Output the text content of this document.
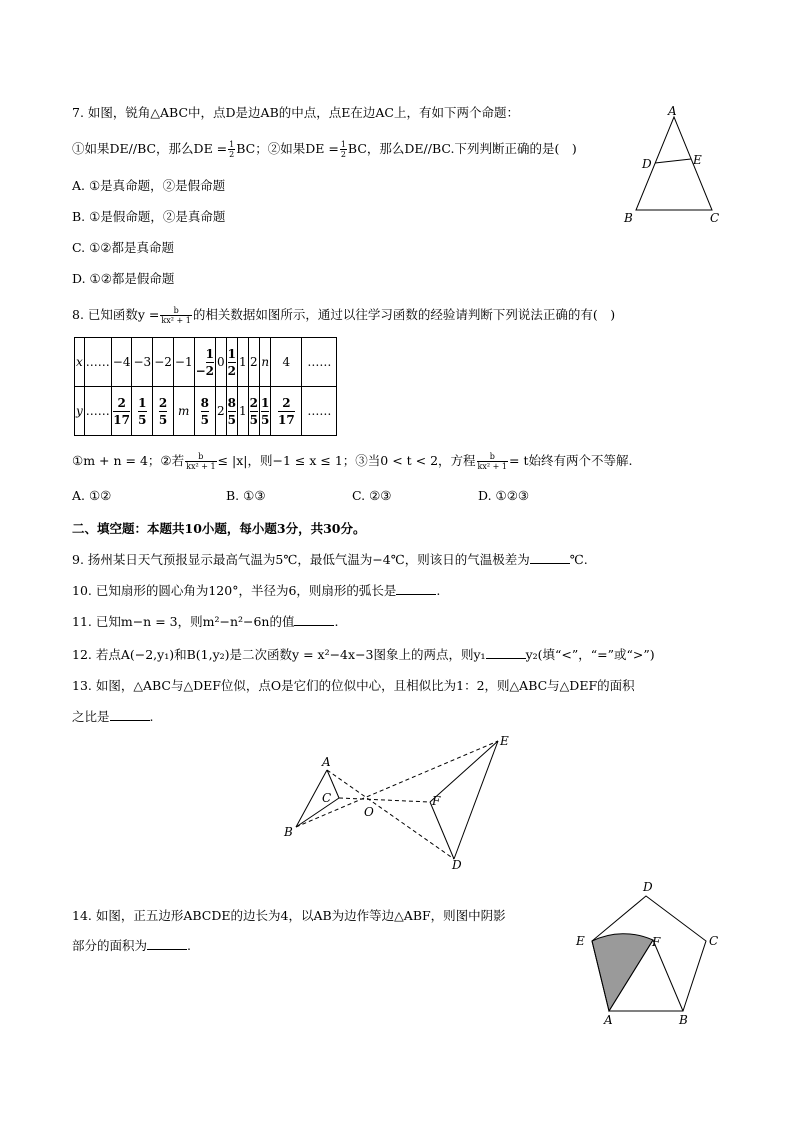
7. 如图，锐角△ABC中，点D是边AB的中点，点E在边AC上，有如下两个命题：
①如果DE//BC，那么DE = $\frac{1}{2}$ BC；②如果DE = $\frac{1}{2}$ BC，那么DE//BC.下列判断正确的是(　)
A. ①是真命题，②是假命题
B. ①是假命题，②是真命题
C. ①②都是真命题
D. ①②都是假命题
A
B	C
D	E
8. 已知函数$y = \frac{b}{\text{kx² + 1}}$ 的相关数据如图所示，通过以往学习函数的经验请判断下列说法正确的有(　)
x	……	−4	−3	−2	−1	− $\frac{1}{2}$	0	$\frac{1}{2}$	1	2	n	4	……
y	……	$\frac{2}{17}$	$\frac{1}{5}$	$\frac{2}{5}$	m	$\frac{8}{5}$	2	$\frac{8}{5}$	1	$\frac{2}{5}$	$\frac{1}{5}$	$\frac{2}{17}$	……
①m + n = 4；②若 $\frac{b}{\text{kx² + 1}} \le |x|$，则−1 ≤ x ≤ 1；③当0 < t < 2，方程 $\frac{b}{\text{kx² + 1}} = t$始终有两个不等解.
A. ①②	B. ①③	C. ②③	D. ①②③
二、填空题：本题共10小题，每小题3分，共30分。
9. 扬州某日天气预报显示最高气温为5℃，最低气温为−4℃，则该日的气温极差为	℃.
10. 已知扇形的圆心角为120°，半径为6，则扇形的弧长是	.
11. 已知m−n = 3，则m²−n²−6n的值	.
12. 若点A(−2,y₁)和B(1,y₂)是二次函数y = x²−4x−3图象上的两点，则y₁	y₂(填“<”，“=”或“>”)
13. 如图，△ABC与△DEF位似，点O是它们的位似中心，且相似比为1：2，则△ABC与△DEF的面积
之比是	.
A
B
C
D
E
F
O
14. 如图，正五边形ABCDE的边长为4，以AB为边作等边△ABF，则图中阴影
部分的面积为	.
A	B
C
D
E	F
